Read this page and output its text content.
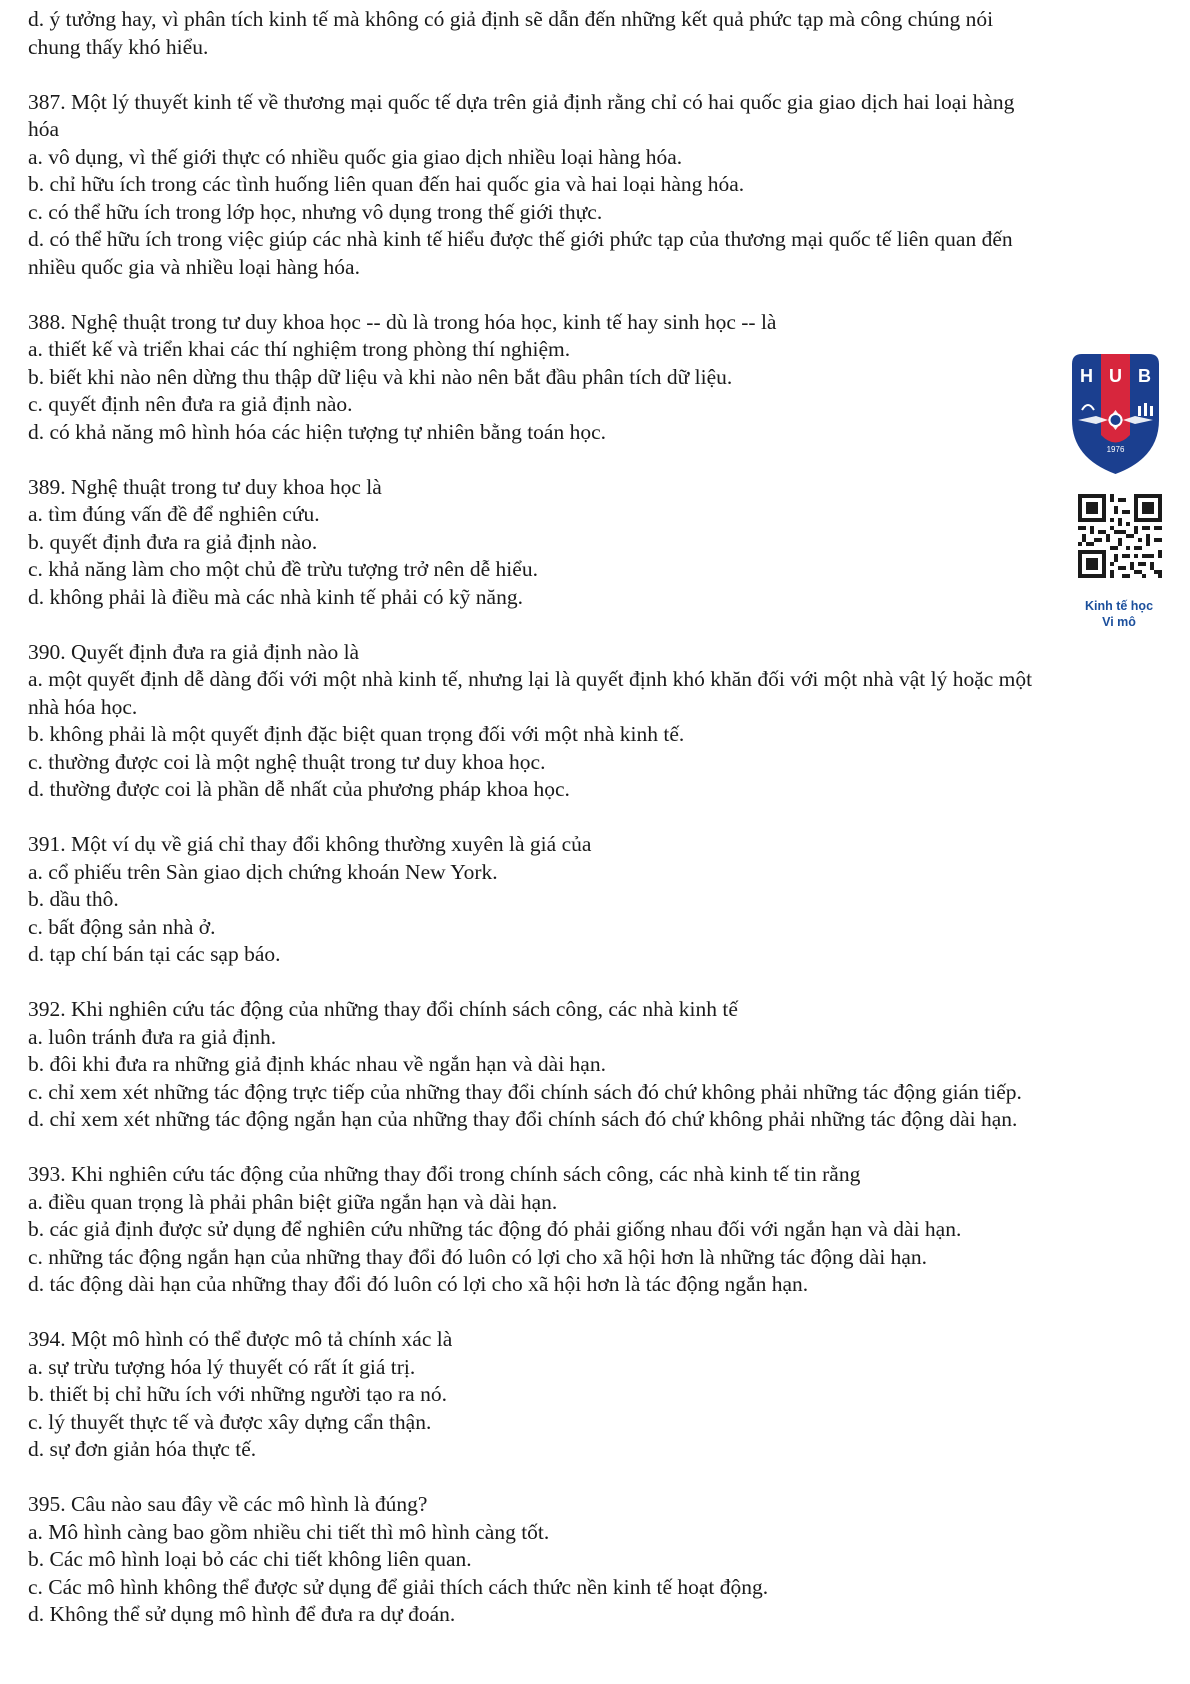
d. ý tưởng hay, vì phân tích kinh tế mà không có giả định sẽ dẫn đến những kết quả phức tạp mà công chúng nói

chung thấy khó hiểu.

387. Một lý thuyết kinh tế về thương mại quốc tế dựa trên giả định rằng chỉ có hai quốc gia giao dịch hai loại hàng

hóa

a. vô dụng, vì thế giới thực có nhiều quốc gia giao dịch nhiều loại hàng hóa.

b. chỉ hữu ích trong các tình huống liên quan đến hai quốc gia và hai loại hàng hóa.

c. có thể hữu ích trong lớp học, nhưng vô dụng trong thế giới thực.

d. có thể hữu ích trong việc giúp các nhà kinh tế hiểu được thế giới phức tạp của thương mại quốc tế liên quan đến

nhiều quốc gia và nhiều loại hàng hóa.

388. Nghệ thuật trong tư duy khoa học -- dù là trong hóa học, kinh tế hay sinh học -- là

a. thiết kế và triển khai các thí nghiệm trong phòng thí nghiệm.

b. biết khi nào nên dừng thu thập dữ liệu và khi nào nên bắt đầu phân tích dữ liệu.

c. quyết định nên đưa ra giả định nào.

d. có khả năng mô hình hóa các hiện tượng tự nhiên bằng toán học.

389. Nghệ thuật trong tư duy khoa học là

a. tìm đúng vấn đề để nghiên cứu.

b. quyết định đưa ra giả định nào.

c. khả năng làm cho một chủ đề trừu tượng trở nên dễ hiểu.

d. không phải là điều mà các nhà kinh tế phải có kỹ năng.

390. Quyết định đưa ra giả định nào là

a. một quyết định dễ dàng đối với một nhà kinh tế, nhưng lại là quyết định khó khăn đối với một nhà vật lý hoặc một

nhà hóa học.

b. không phải là một quyết định đặc biệt quan trọng đối với một nhà kinh tế.

c. thường được coi là một nghệ thuật trong tư duy khoa học.

d. thường được coi là phần dễ nhất của phương pháp khoa học.

391. Một ví dụ về giá chỉ thay đổi không thường xuyên là giá của

a. cổ phiếu trên Sàn giao dịch chứng khoán New York.

b. dầu thô.

c. bất động sản nhà ở.

d. tạp chí bán tại các sạp báo.

392. Khi nghiên cứu tác động của những thay đổi chính sách công, các nhà kinh tế

a. luôn tránh đưa ra giả định.

b. đôi khi đưa ra những giả định khác nhau về ngắn hạn và dài hạn.

c. chỉ xem xét những tác động trực tiếp của những thay đổi chính sách đó chứ không phải những tác động gián tiếp.

d. chỉ xem xét những tác động ngắn hạn của những thay đổi chính sách đó chứ không phải những tác động dài hạn.

393. Khi nghiên cứu tác động của những thay đổi trong chính sách công, các nhà kinh tế tin rằng

a. điều quan trọng là phải phân biệt giữa ngắn hạn và dài hạn.

b. các giả định được sử dụng để nghiên cứu những tác động đó phải giống nhau đối với ngắn hạn và dài hạn.

c. những tác động ngắn hạn của những thay đổi đó luôn có lợi cho xã hội hơn là những tác động dài hạn.

d. tác động dài hạn của những thay đổi đó luôn có lợi cho xã hội hơn là tác động ngắn hạn.

394. Một mô hình có thể được mô tả chính xác là

a. sự trừu tượng hóa lý thuyết có rất ít giá trị.

b. thiết bị chỉ hữu ích với những người tạo ra nó.

c. lý thuyết thực tế và được xây dựng cẩn thận.

d. sự đơn giản hóa thực tế.

395. Câu nào sau đây về các mô hình là đúng?

a. Mô hình càng bao gồm nhiều chi tiết thì mô hình càng tốt.

b. Các mô hình loại bỏ các chi tiết không liên quan.

c. Các mô hình không thể được sử dụng để giải thích cách thức nền kinh tế hoạt động.

d. Không thể sử dụng mô hình để đưa ra dự đoán.

H U B
1976
Kinh tế học
Vi mô
